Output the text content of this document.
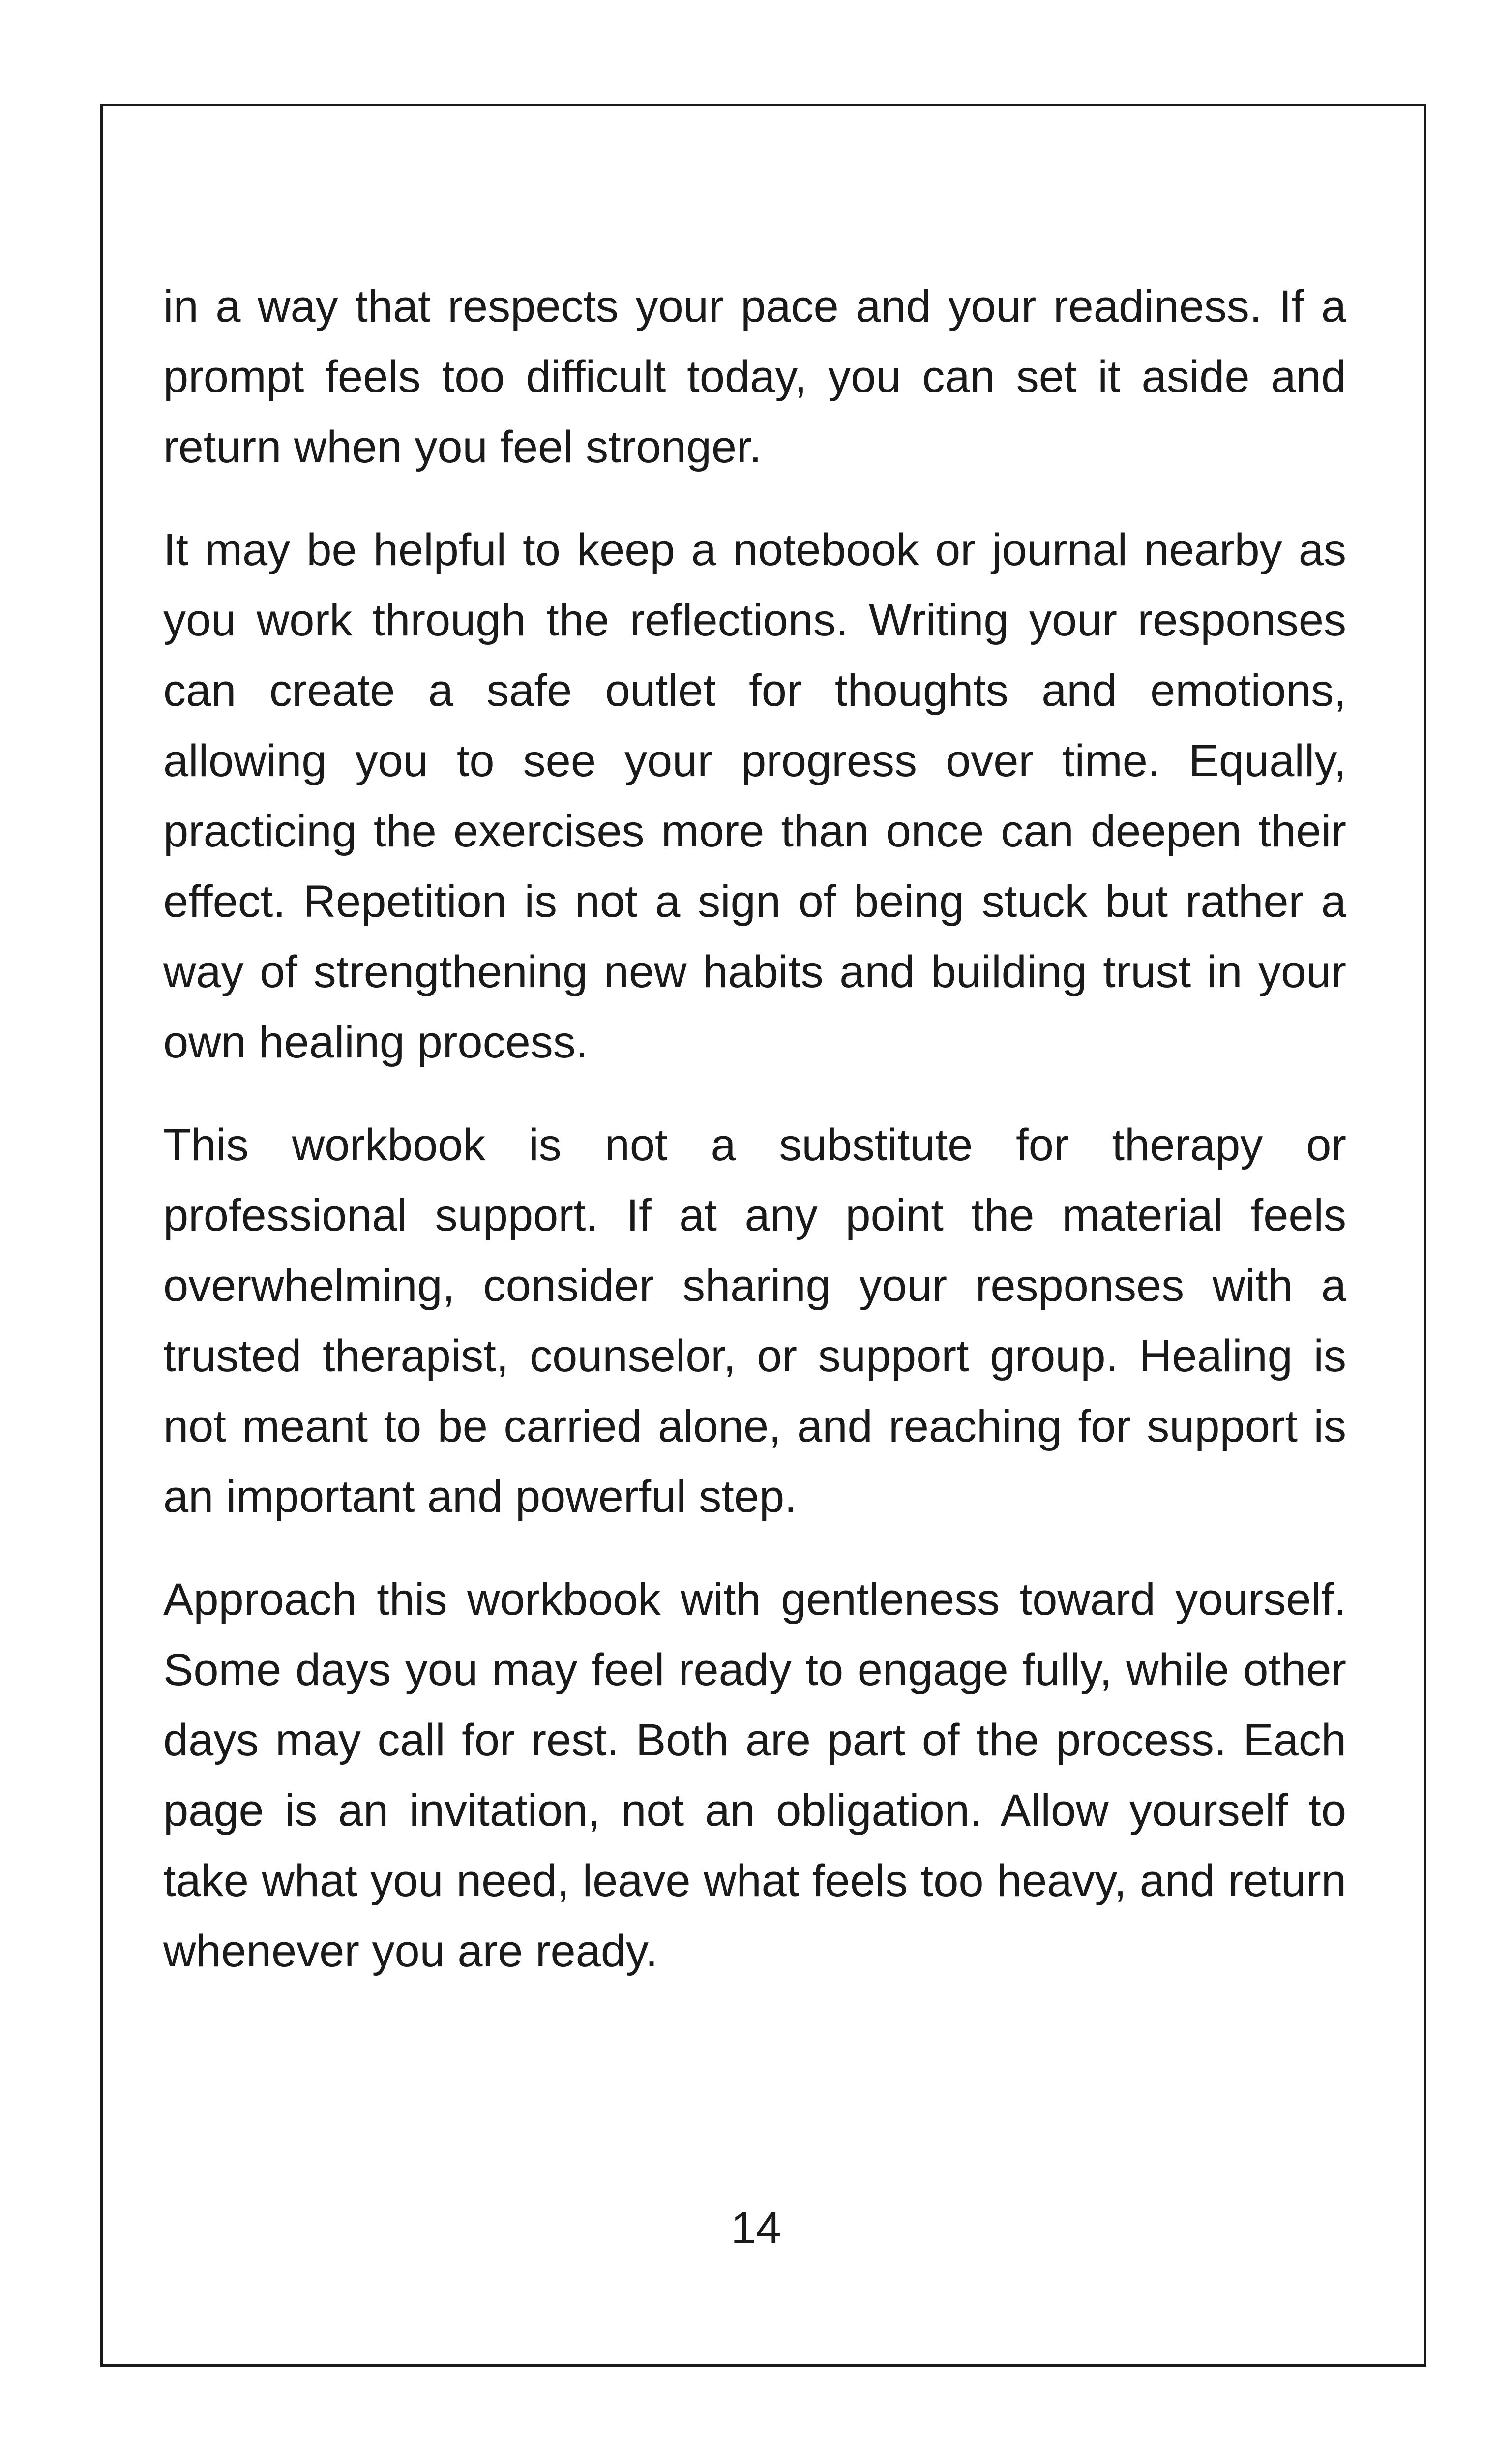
in a way that respects your pace and your readiness. If a prompt feels too difficult today, you can set it aside and return when you feel stronger.

It may be helpful to keep a notebook or journal nearby as you work through the reflections. Writing your responses can create a safe outlet for thoughts and emotions, allowing you to see your progress over time. Equally, practicing the exercises more than once can deepen their effect. Repetition is not a sign of being stuck but rather a way of strengthening new habits and building trust in your own healing process.

This workbook is not a substitute for therapy or professional support. If at any point the material feels overwhelming, consider sharing your responses with a trusted therapist, counselor, or support group. Healing is not meant to be carried alone, and reaching for support is an important and powerful step.

Approach this workbook with gentleness toward yourself. Some days you may feel ready to engage fully, while other days may call for rest. Both are part of the process. Each page is an invitation, not an obligation. Allow yourself to take what you need, leave what feels too heavy, and return whenever you are ready.

14
